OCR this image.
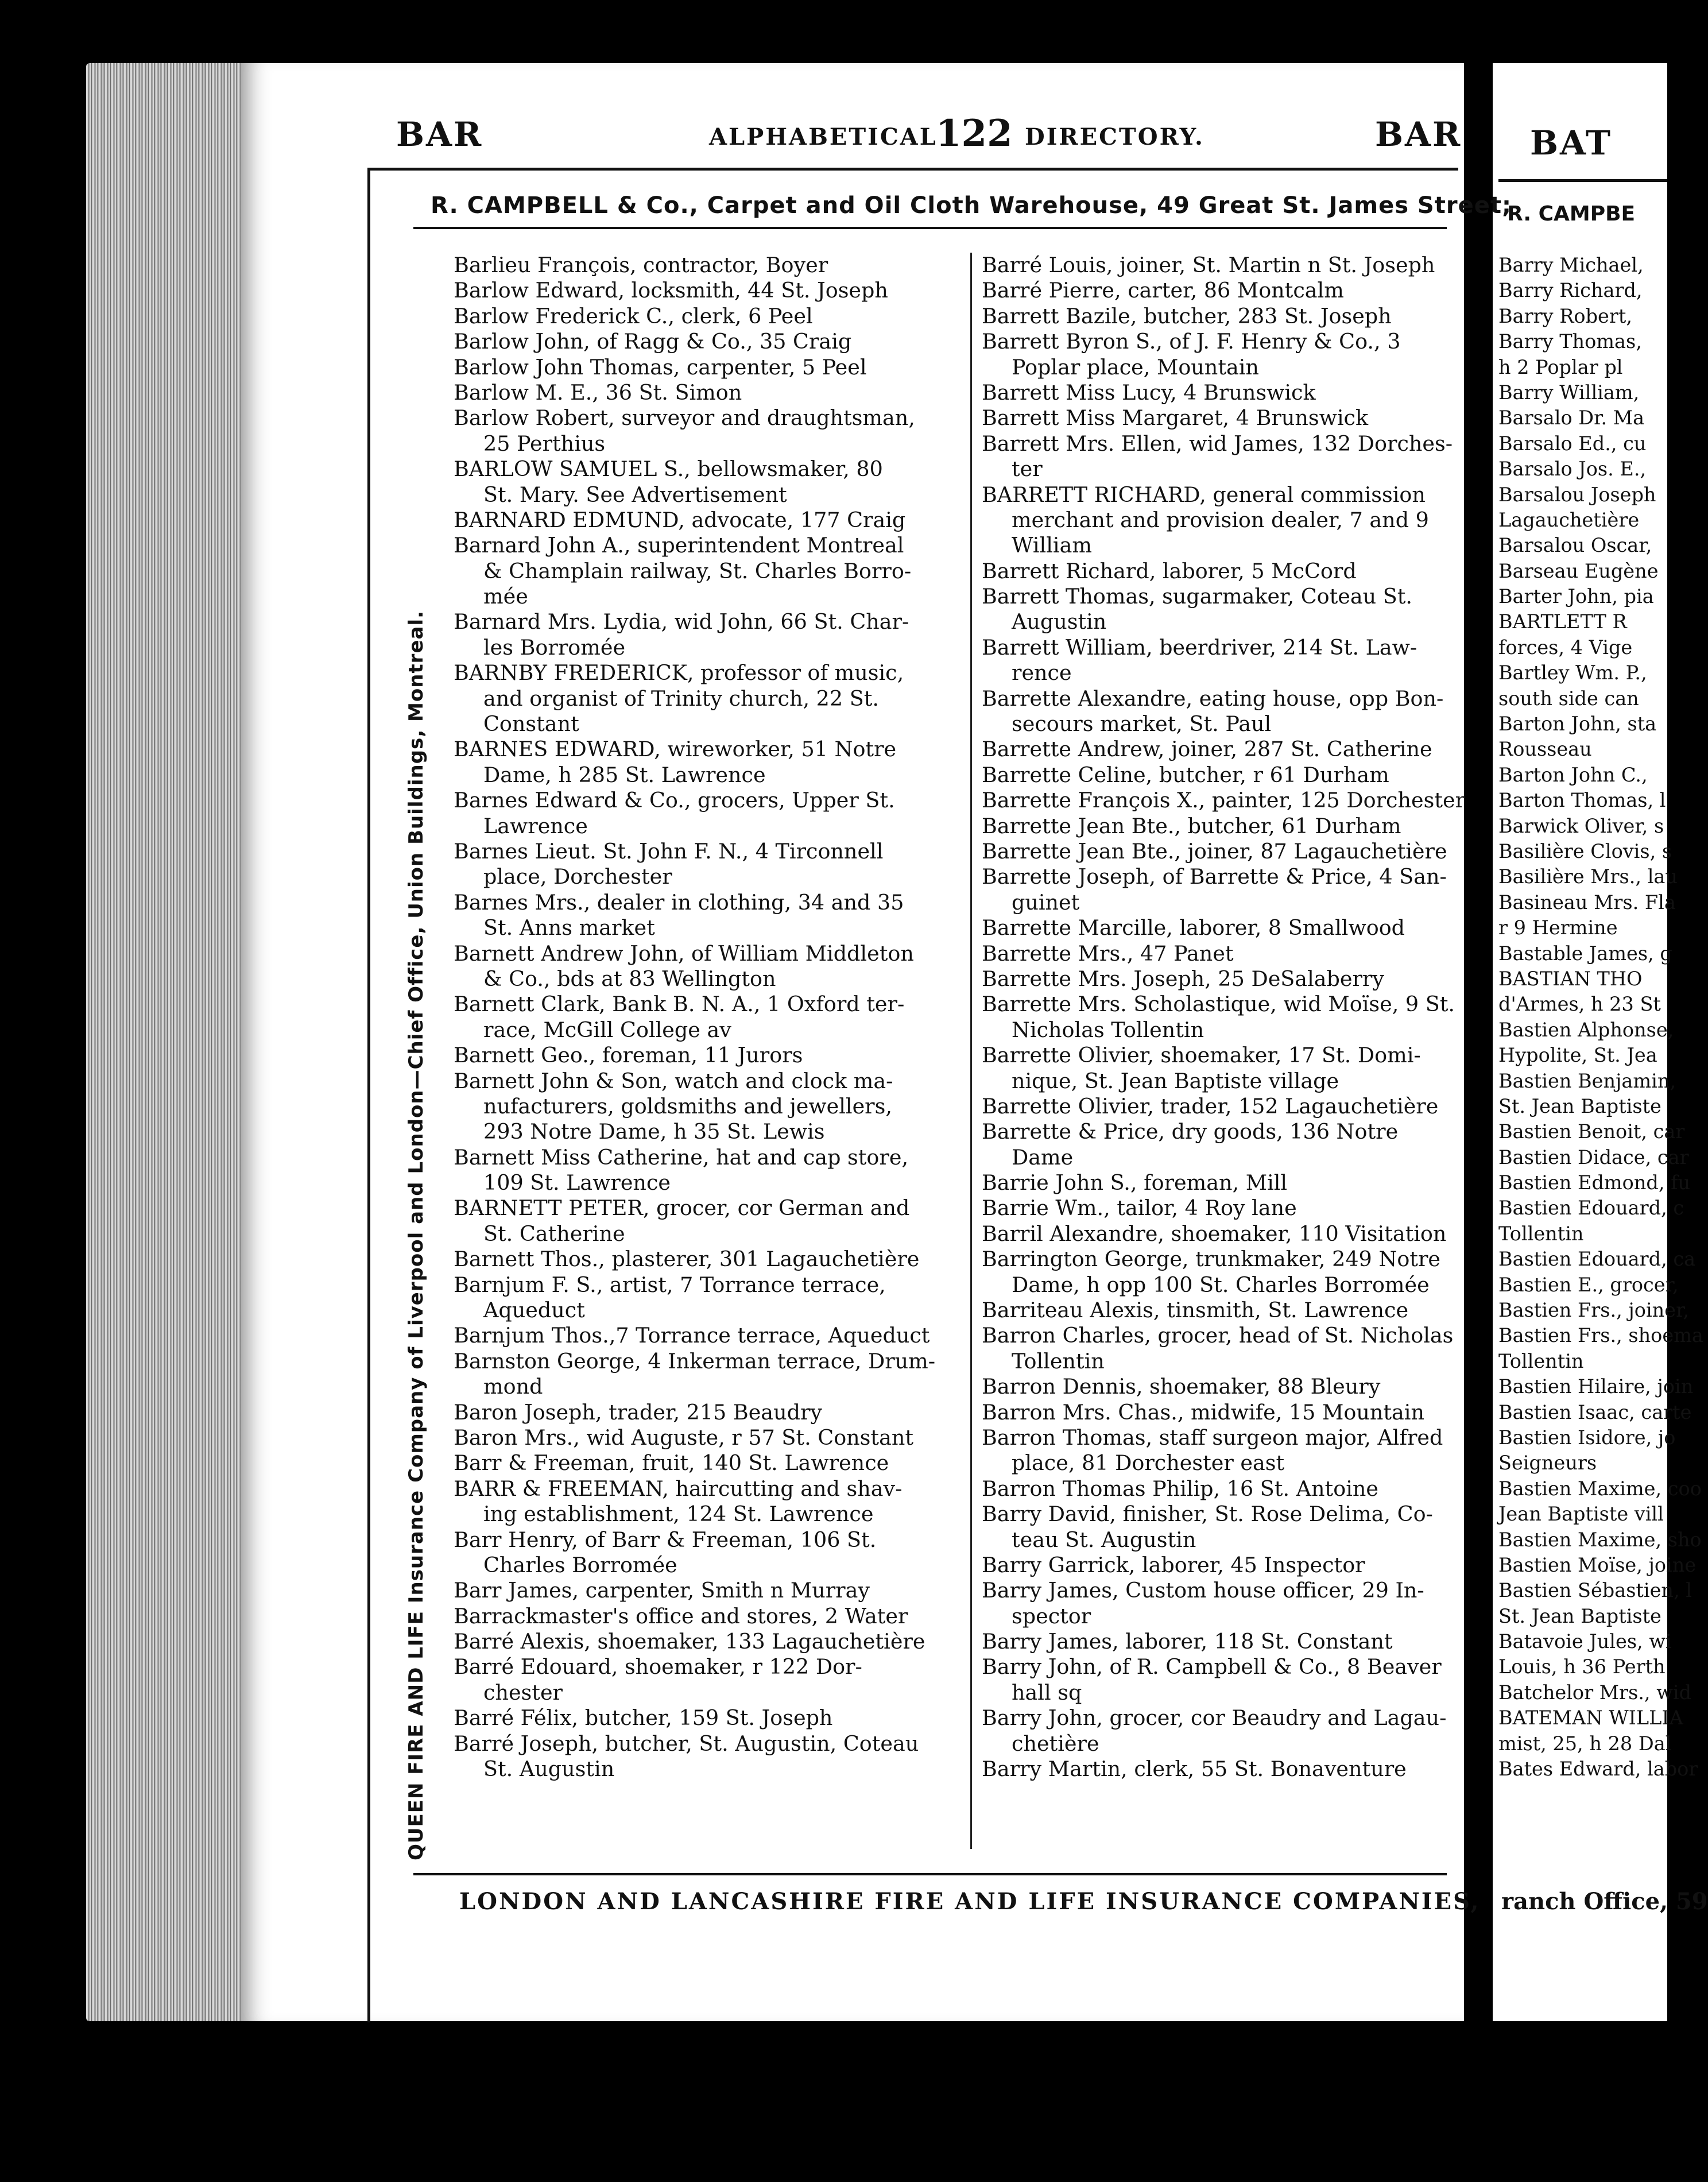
BAR	ALPHABETICAL
122 DIRECTORY.	BAR BAT
R. CAMPBELL & Co., Carpet and Oil Cloth Warehouse, 49 Great St. James Street;
R. CAMPBE
QUEEN FIRE AND LIFE Insurance Company of Liverpool and London—Chief Office, Union Buildings, Montreal.
Barlieu François, contractor, Boyer
Barlow Edward, locksmith, 44 St. Joseph
Barlow Frederick C., clerk, 6 Peel
Barlow John, of Ragg & Co., 35 Craig
Barlow John Thomas, carpenter, 5 Peel
Barlow M. E., 36 St. Simon
Barlow Robert, surveyor and draughtsman,
25 Perthius
BARLOW SAMUEL S., bellowsmaker, 80
St. Mary. See Advertisement
BARNARD EDMUND, advocate, 177 Craig
Barnard John A., superintendent Montreal
& Champlain railway, St. Charles Borro-
mée
Barnard Mrs. Lydia, wid John, 66 St. Char-
les Borromée
BARNBY FREDERICK, professor of music,
and organist of Trinity church, 22 St.
Constant
BARNES EDWARD, wireworker, 51 Notre
Dame, h 285 St. Lawrence
Barnes Edward & Co., grocers, Upper St.
Lawrence
Barnes Lieut. St. John F. N., 4 Tirconnell
place, Dorchester
Barnes Mrs., dealer in clothing, 34 and 35
St. Anns market
Barnett Andrew John, of William Middleton
& Co., bds at 83 Wellington
Barnett Clark, Bank B. N. A., 1 Oxford ter-
race, McGill College av
Barnett Geo., foreman, 11 Jurors
Barnett John & Son, watch and clock ma-
nufacturers, goldsmiths and jewellers,
293 Notre Dame, h 35 St. Lewis
Barnett Miss Catherine, hat and cap store,
109 St. Lawrence
BARNETT PETER, grocer, cor German and
St. Catherine
Barnett Thos., plasterer, 301 Lagauchetière
Barnjum F. S., artist, 7 Torrance terrace,
Aqueduct
Barnjum Thos.,7 Torrance terrace, Aqueduct
Barnston George, 4 Inkerman terrace, Drum-
mond
Baron Joseph, trader, 215 Beaudry
Baron Mrs., wid Auguste, r 57 St. Constant
Barr & Freeman, fruit, 140 St. Lawrence
BARR & FREEMAN, haircutting and shav-
ing establishment, 124 St. Lawrence
Barr Henry, of Barr & Freeman, 106 St.
Charles Borromée
Barr James, carpenter, Smith n Murray
Barrackmaster's office and stores, 2 Water
Barré Alexis, shoemaker, 133 Lagauchetière
Barré Edouard, shoemaker, r 122 Dor-
chester
Barré Félix, butcher, 159 St. Joseph
Barré Joseph, butcher, St. Augustin, Coteau
St. Augustin
Barré Louis, joiner, St. Martin n St. Joseph
Barré Pierre, carter, 86 Montcalm
Barrett Bazile, butcher, 283 St. Joseph
Barrett Byron S., of J. F. Henry & Co., 3
Poplar place, Mountain
Barrett Miss Lucy, 4 Brunswick
Barrett Miss Margaret, 4 Brunswick
Barrett Mrs. Ellen, wid James, 132 Dorches-
ter
BARRETT RICHARD, general commission
merchant and provision dealer, 7 and 9
William
Barrett Richard, laborer, 5 McCord
Barrett Thomas, sugarmaker, Coteau St.
Augustin
Barrett William, beerdriver, 214 St. Law-
rence
Barrette Alexandre, eating house, opp Bon-
secours market, St. Paul
Barrette Andrew, joiner, 287 St. Catherine
Barrette Celine, butcher, r 61 Durham
Barrette François X., painter, 125 Dorchester
Barrette Jean Bte., butcher, 61 Durham
Barrette Jean Bte., joiner, 87 Lagauchetière
Barrette Joseph, of Barrette & Price, 4 San-
guinet
Barrette Marcille, laborer, 8 Smallwood
Barrette Mrs., 47 Panet
Barrette Mrs. Joseph, 25 DeSalaberry
Barrette Mrs. Scholastique, wid Moïse, 9 St.
Nicholas Tollentin
Barrette Olivier, shoemaker, 17 St. Domi-
nique, St. Jean Baptiste village
Barrette Olivier, trader, 152 Lagauchetière
Barrette & Price, dry goods, 136 Notre
Dame
Barrie John S., foreman, Mill
Barrie Wm., tailor, 4 Roy lane
Barril Alexandre, shoemaker, 110 Visitation
Barrington George, trunkmaker, 249 Notre
Dame, h opp 100 St. Charles Borromée
Barriteau Alexis, tinsmith, St. Lawrence
Barron Charles, grocer, head of St. Nicholas
Tollentin
Barron Dennis, shoemaker, 88 Bleury
Barron Mrs. Chas., midwife, 15 Mountain
Barron Thomas, staff surgeon major, Alfred
place, 81 Dorchester east
Barron Thomas Philip, 16 St. Antoine
Barry David, finisher, St. Rose Delima, Co-
teau St. Augustin
Barry Garrick, laborer, 45 Inspector
Barry James, Custom house officer, 29 In-
spector
Barry James, laborer, 118 St. Constant
Barry John, of R. Campbell & Co., 8 Beaver
hall sq
Barry John, grocer, cor Beaudry and Lagau-
chetière
Barry Martin, clerk, 55 St. Bonaventure
Barry Michael,
Barry Richard,
Barry Robert,
Barry Thomas,
h 2 Poplar pl
Barry William,
Barsalo Dr. Ma
Barsalo Ed., cu
Barsalo Jos. E.,
Barsalou Joseph
Lagauchetière
Barsalou Oscar,
Barseau Eugène
Barter John, pia
BARTLETT R
forces, 4 Vige
Bartley Wm. P.,
south side can
Barton John, sta
Rousseau
Barton John C.,
Barton Thomas, l
Barwick Oliver, s
Basilière Clovis, s
Basilière Mrs., lau
Basineau Mrs. Fla
r 9 Hermine
Bastable James, g
BASTIAN THO
d'Armes, h 23 St
Bastien Alphonse,
Hypolite, St. Jea
Bastien Benjamin,
St. Jean Baptiste
Bastien Benoit, car
Bastien Didace, car
Bastien Edmond, fu
Bastien Edouard, c
Tollentin
Bastien Edouard, ca
Bastien E., grocer,
Bastien Frs., joiner,
Bastien Frs., shoema
Tollentin
Bastien Hilaire, join
Bastien Isaac, carte
Bastien Isidore, jo
Seigneurs
Bastien Maxime, coo
Jean Baptiste vill
Bastien Maxime, sho
Bastien Moïse, joine
Bastien Sébastien, l
St. Jean Baptiste
Batavoie Jules, wi
Louis, h 36 Perth
Batchelor Mrs., wid
BATEMAN WILLIA
mist, 25, h 28 Dal
Bates Edward, labor
LONDON AND LANCASHIRE FIRE AND LIFE INSURANCE COMPANIES, ranch Office, 59
